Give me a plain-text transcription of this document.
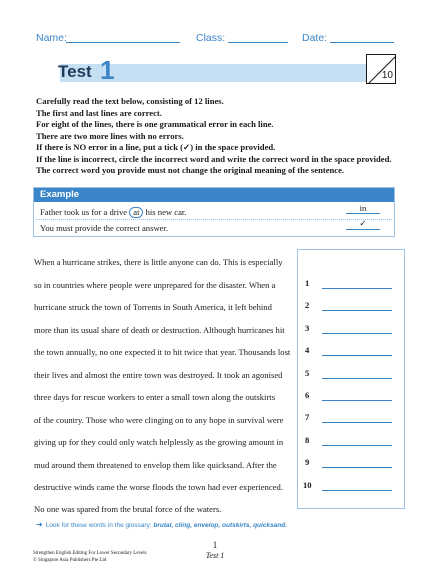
Name:	Class:	Date:
Test 1	10
Carefully read the text below, consisting of 12 lines.
The first and last lines are correct.
For eight of the lines, there is one grammatical error in each line.
There are two more lines with no errors.
If there is NO error in a line, put a tick (✓) in the space provided.
If the line is incorrect, circle the incorrect word and write the correct word in the space provided.
The correct word you provide must not change the original meaning of the sentence.
Example
Father took us for a drive at his new car.	in
You must provide the correct answer.	✓
When a hurricane strikes, there is little anyone can do. This is especially
so in countries where people were unprepared for the disaster. When a
hurricane struck the town of Torrents in South America, it left behind
more than its usual share of death or destruction. Although hurricanes hit
the town annually, no one expected it to hit twice that year. Thousands lost
their lives and almost the entire town was destroyed. It took an agonised
three days for rescue workers to enter a small town along the outskirts
of the country. Those who were clinging on to any hope in survival were
giving up for they could only watch helplessly as the growing amount in
mud around them threatened to envelop them like quicksand. After the
destructive winds came the worse floods the town had ever experienced.
No one was spared from the brutal force of the waters.
1
2
3
4
5
6
7
8
9
10
➜ Look for these words in the glossary: brutal, cling, envelop, outskirts, quicksand.
Strengthen English Editing For Lower Secondary Levels
© Singapore Asia Publishers Pte Ltd
1
Test 1
